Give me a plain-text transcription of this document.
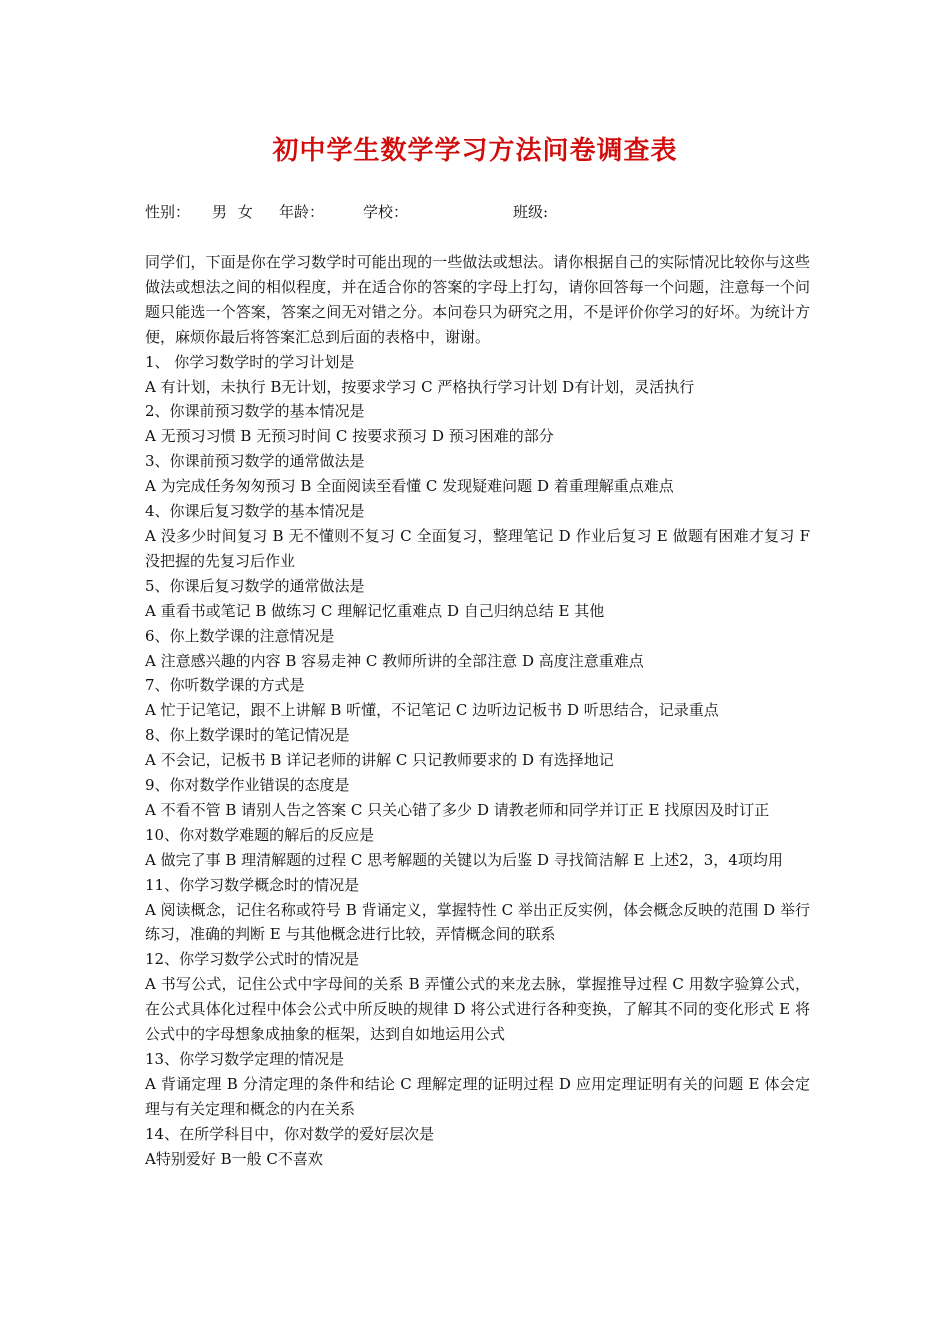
初中学生数学学习方法问卷调查表
性别： 男 女 年龄：	学校：	班级:

同学们，下面是你在学习数学时可能出现的一些做法或想法。请你根据自己的实际情况比较你与这些做法或想法之间的相似程度，并在适合你的答案的字母上打勾，请你回答每一个问题，注意每一个问题只能选一个答案，答案之间无对错之分。本问卷只为研究之用，不是评价你学习的好坏。为统计方便，麻烦你最后将答案汇总到后面的表格中，谢谢。

1、 你学习数学时的学习计划是

A 有计划，未执行 B无计划，按要求学习 C 严格执行学习计划 D有计划，灵活执行

2、你课前预习数学的基本情况是

A 无预习习惯 B 无预习时间 C 按要求预习 D 预习困难的部分

3、你课前预习数学的通常做法是

A 为完成任务匆匆预习 B 全面阅读至看懂 C 发现疑难问题 D 着重理解重点难点

4、你课后复习数学的基本情况是

A 没多少时间复习 B 无不懂则不复习 C 全面复习，整理笔记 D 作业后复习 E 做题有困难才复习 F 没把握的先复习后作业

5、你课后复习数学的通常做法是

A 重看书或笔记 B 做练习 C 理解记忆重难点 D 自己归纳总结 E 其他

6、你上数学课的注意情况是

A 注意感兴趣的内容 B 容易走神 C 教师所讲的全部注意 D 高度注意重难点

7、你听数学课的方式是

A 忙于记笔记，跟不上讲解 B 听懂，不记笔记 C 边听边记板书 D 听思结合，记录重点

8、你上数学课时的笔记情况是

A 不会记，记板书 B 详记老师的讲解 C 只记教师要求的 D 有选择地记

9、你对数学作业错误的态度是

A 不看不管 B 请别人告之答案 C 只关心错了多少 D 请教老师和同学并订正 E 找原因及时订正

10、你对数学难题的解后的反应是

A 做完了事 B 理清解题的过程 C 思考解题的关键以为后鉴 D 寻找简洁解 E 上述2，3，4项均用

11、你学习数学概念时的情况是

A 阅读概念，记住名称或符号 B 背诵定义，掌握特性 C 举出正反实例，体会概念反映的范围 D 举行练习，准确的判断 E 与其他概念进行比较，弄情概念间的联系

12、你学习数学公式时的情况是

A 书写公式，记住公式中字母间的关系 B 弄懂公式的来龙去脉，掌握推导过程 C 用数字验算公式，在公式具体化过程中体会公式中所反映的规律 D 将公式进行各种变换，了解其不同的变化形式 E 将公式中的字母想象成抽象的框架，达到自如地运用公式

13、你学习数学定理的情况是

A 背诵定理 B 分清定理的条件和结论 C 理解定理的证明过程 D 应用定理证明有关的问题 E 体会定理与有关定理和概念的内在关系

14、在所学科目中，你对数学的爱好层次是

A特别爱好 B一般 C不喜欢
